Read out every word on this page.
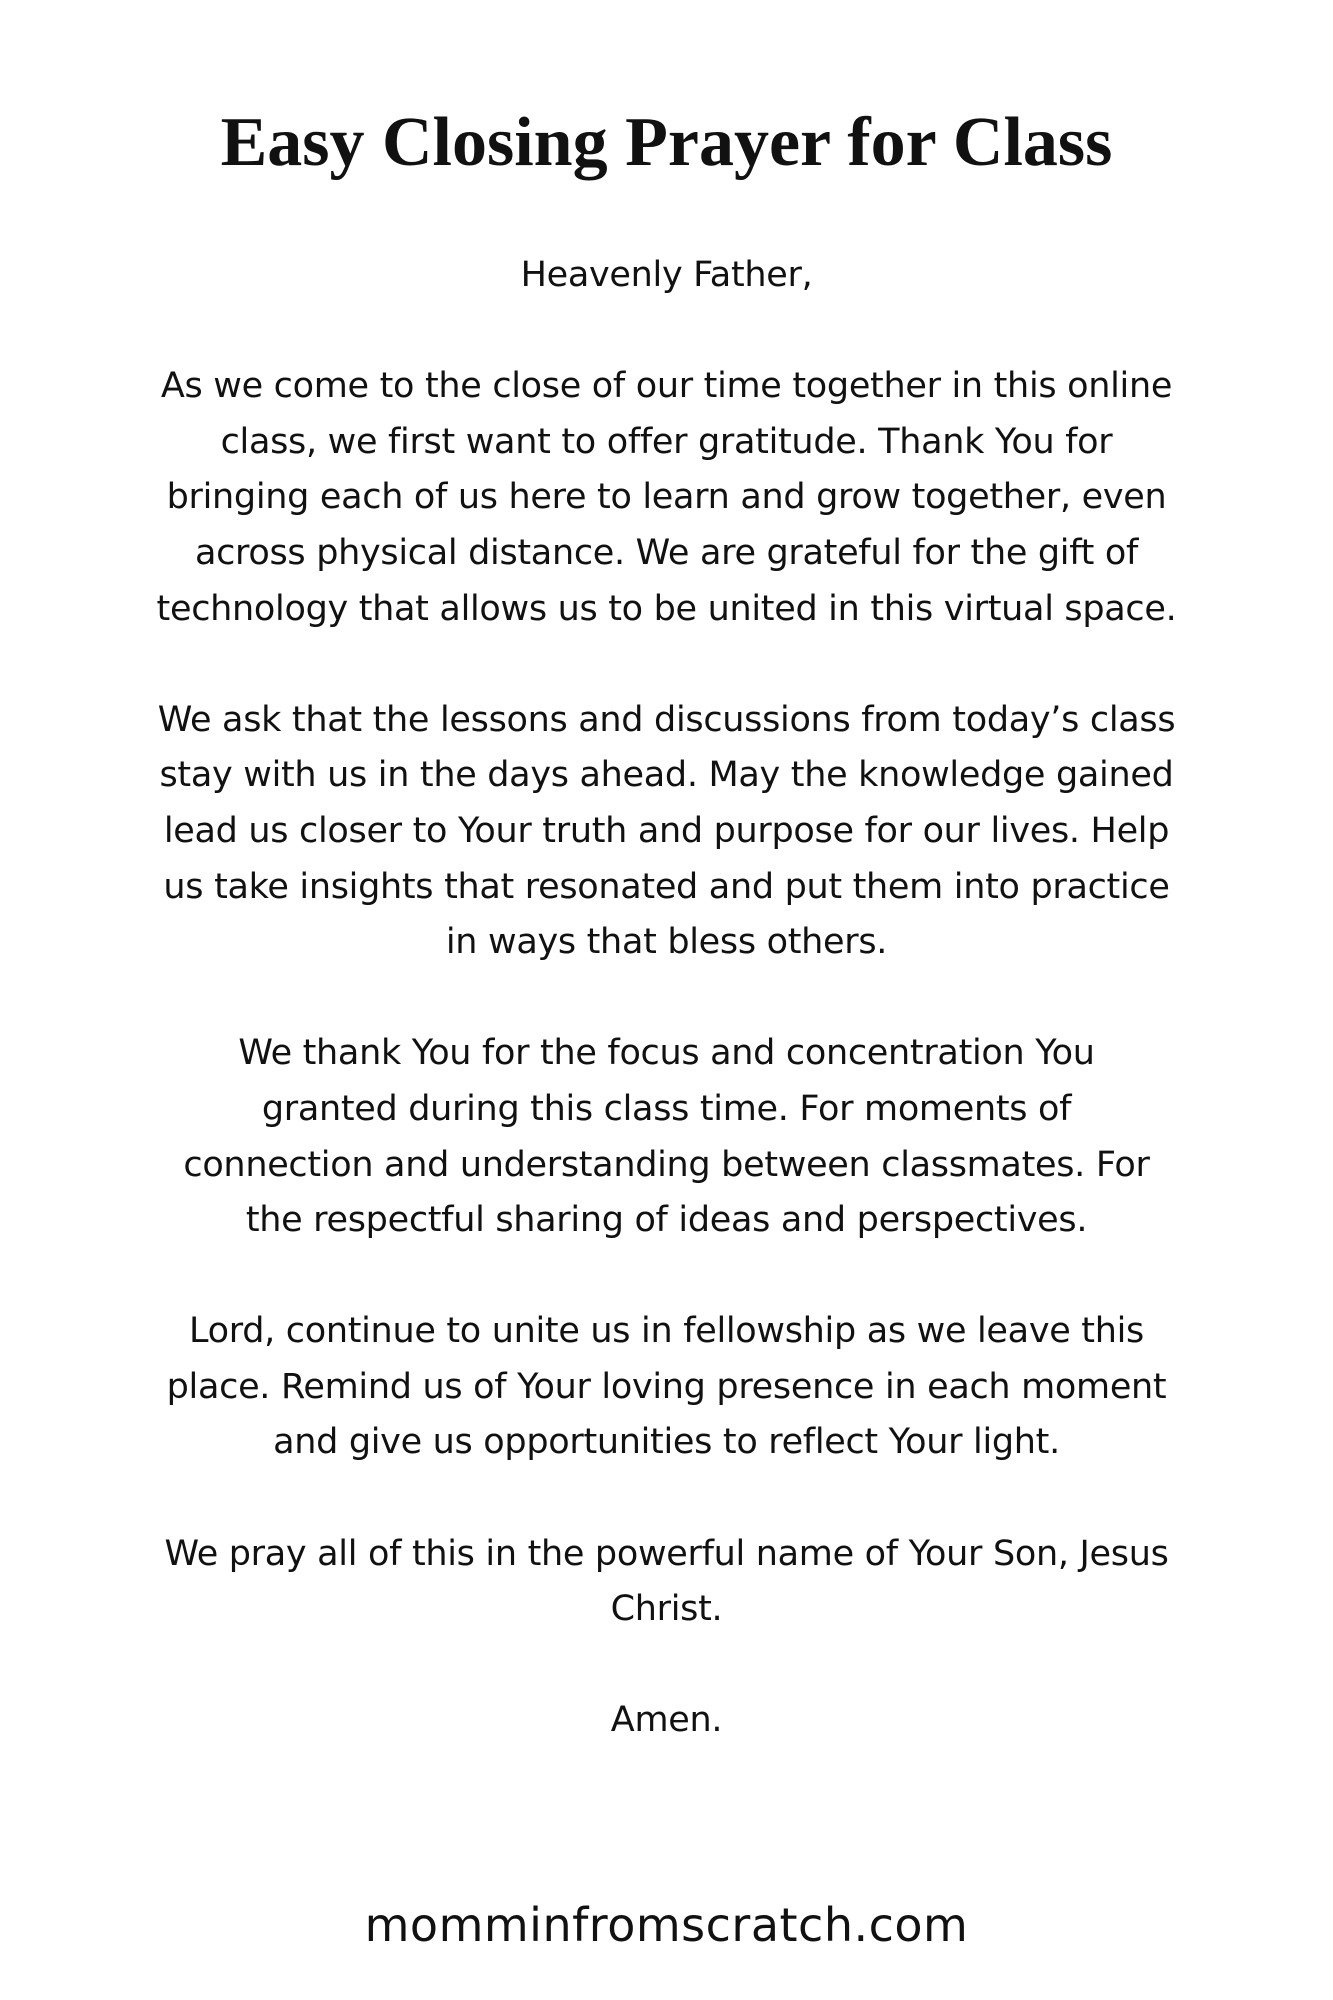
Easy Closing Prayer for Class

Heavenly Father,

As we come to the close of our time together in this online
class, we first want to offer gratitude. Thank You for
bringing each of us here to learn and grow together, even
across physical distance. We are grateful for the gift of
technology that allows us to be united in this virtual space.

We ask that the lessons and discussions from today’s class
stay with us in the days ahead. May the knowledge gained
lead us closer to Your truth and purpose for our lives. Help
us take insights that resonated and put them into practice
in ways that bless others.

We thank You for the focus and concentration You
granted during this class time. For moments of
connection and understanding between classmates. For
the respectful sharing of ideas and perspectives.

Lord, continue to unite us in fellowship as we leave this
place. Remind us of Your loving presence in each moment
and give us opportunities to reflect Your light.

We pray all of this in the powerful name of Your Son, Jesus
Christ.

Amen.

momminfromscratch.com
